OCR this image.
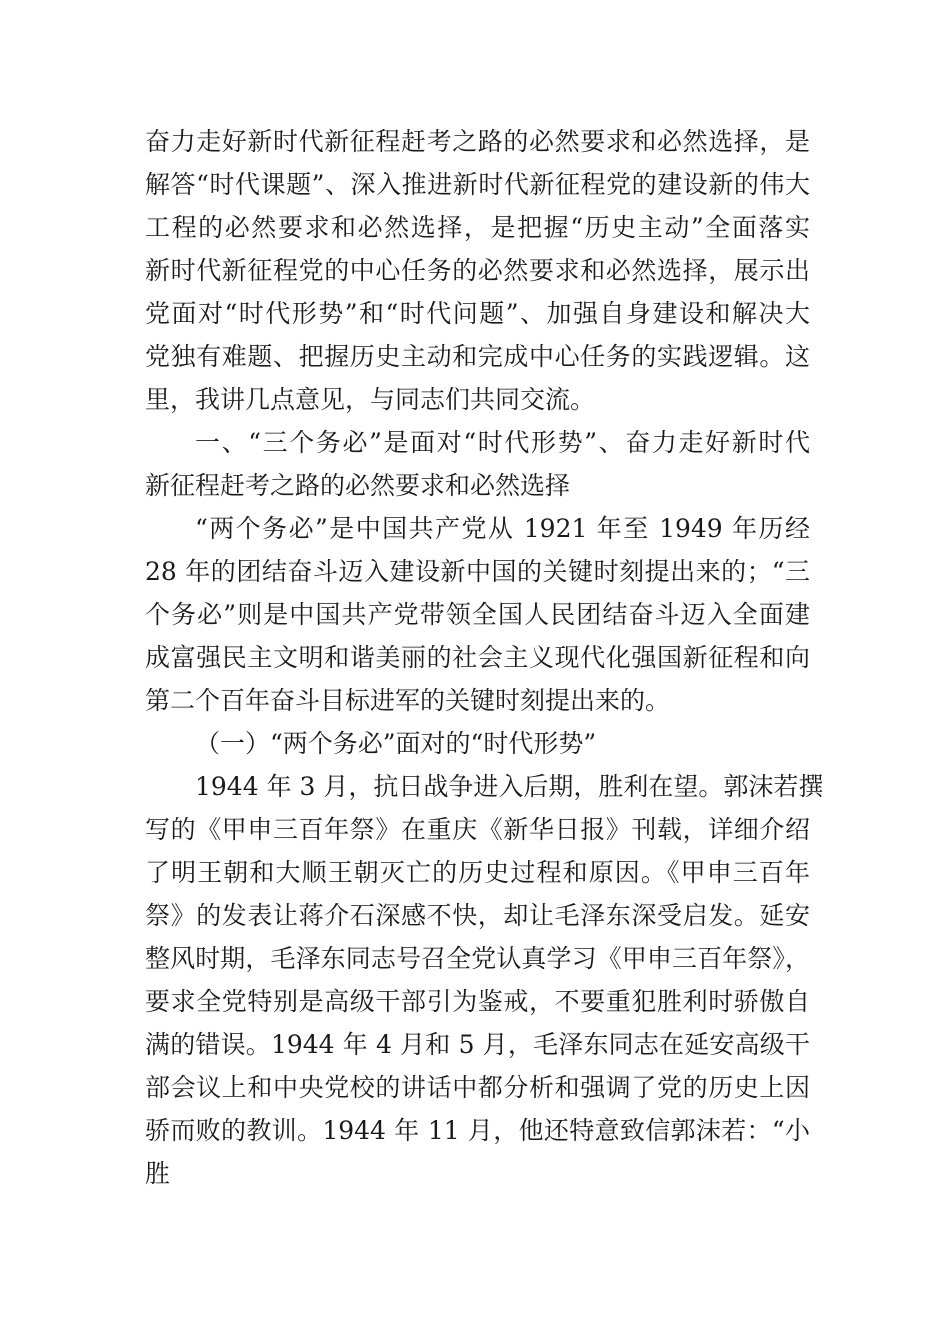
奋力走好新时代新征程赶考之路的必然要求和必然选择，是
解答“时代课题”、深入推进新时代新征程党的建设新的伟大
工程的必然要求和必然选择，是把握“历史主动”全面落实
新时代新征程党的中心任务的必然要求和必然选择，展示出
党面对“时代形势”和“时代问题”、加强自身建设和解决大
党独有难题、把握历史主动和完成中心任务的实践逻辑。这
里，我讲几点意见，与同志们共同交流。
一、“三个务必”是面对“时代形势”、奋力走好新时代
新征程赶考之路的必然要求和必然选择
“两个务必”是中国共产党从 1921 年至 1949 年历经
28 年的团结奋斗迈入建设新中国的关键时刻提出来的；“三
个务必”则是中国共产党带领全国人民团结奋斗迈入全面建
成富强民主文明和谐美丽的社会主义现代化强国新征程和向
第二个百年奋斗目标进军的关键时刻提出来的。
（一）“两个务必”面对的“时代形势”
1944 年 3 月，抗日战争进入后期，胜利在望。郭沫若撰
写的《甲申三百年祭》在重庆《新华日报》刊载，详细介绍
了明王朝和大顺王朝灭亡的历史过程和原因。《甲申三百年
祭》的发表让蒋介石深感不快，却让毛泽东深受启发。延安
整风时期，毛泽东同志号召全党认真学习《甲申三百年祭》，
要求全党特别是高级干部引为鉴戒，不要重犯胜利时骄傲自
满的错误。1944 年 4 月和 5 月，毛泽东同志在延安高级干
部会议上和中央党校的讲话中都分析和强调了党的历史上因
骄而败的教训。1944 年 11 月，他还特意致信郭沫若：“小
胜
